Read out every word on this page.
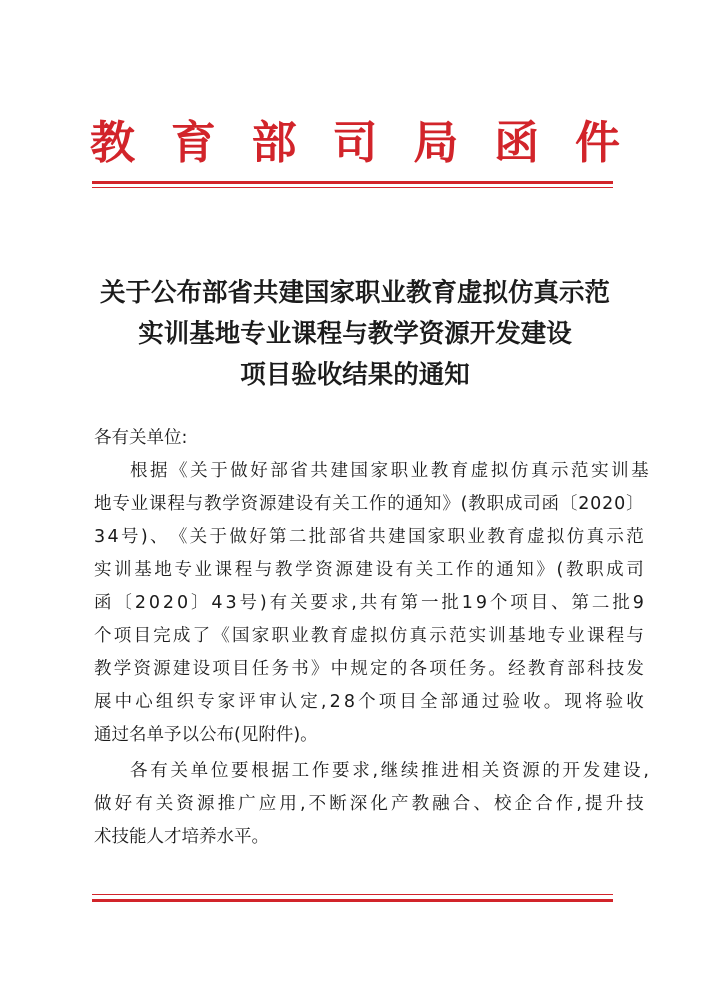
教 育 部 司 局 函 件
关于公布部省共建国家职业教育虚拟仿真示范
实训基地专业课程与教学资源开发建设
项目验收结果的通知
各有关单位:
根 据 《 关 于 做 好 部 省 共 建 国 家 职 业 教 育 虚 拟 仿 真 示 范 实 训 基
地 专 业 课 程 与 教 学 资 源 建 设 有 关 工 作 的 通 知 》 ( 教 职 成 司 函 〔 2 0 2 0 〕
3 4 号 ) 、 《 关 于 做 好 第 二 批 部 省 共 建 国 家 职 业 教 育 虚 拟 仿 真 示 范
实 训 基 地 专 业 课 程 与 教 学 资 源 建 设 有 关 工 作 的 通 知 》 ( 教 职 成 司
函 〔 2 0 2 0 〕 4 3 号 ) 有 关 要 求 , 共 有 第 一 批 1 9 个 项 目 、 第 二 批 9
个 项 目 完 成 了 《 国 家 职 业 教 育 虚 拟 仿 真 示 范 实 训 基 地 专 业 课 程 与
教 学 资 源 建 设 项 目 任 务 书 》 中 规 定 的 各 项 任 务 。 经 教 育 部 科 技 发
展 中 心 组 织 专 家 评 审 认 定 , 2 8 个 项 目 全 部 通 过 验 收 。 现 将 验 收
通过名单予以公布(见附件)。
各 有 关 单 位 要 根 据 工 作 要 求 , 继 续 推 进 相 关 资 源 的 开 发 建 设 ,
做 好 有 关 资 源 推 广 应 用 , 不 断 深 化 产 教 融 合 、 校 企 合 作 , 提 升 技
术技能人才培养水平。
